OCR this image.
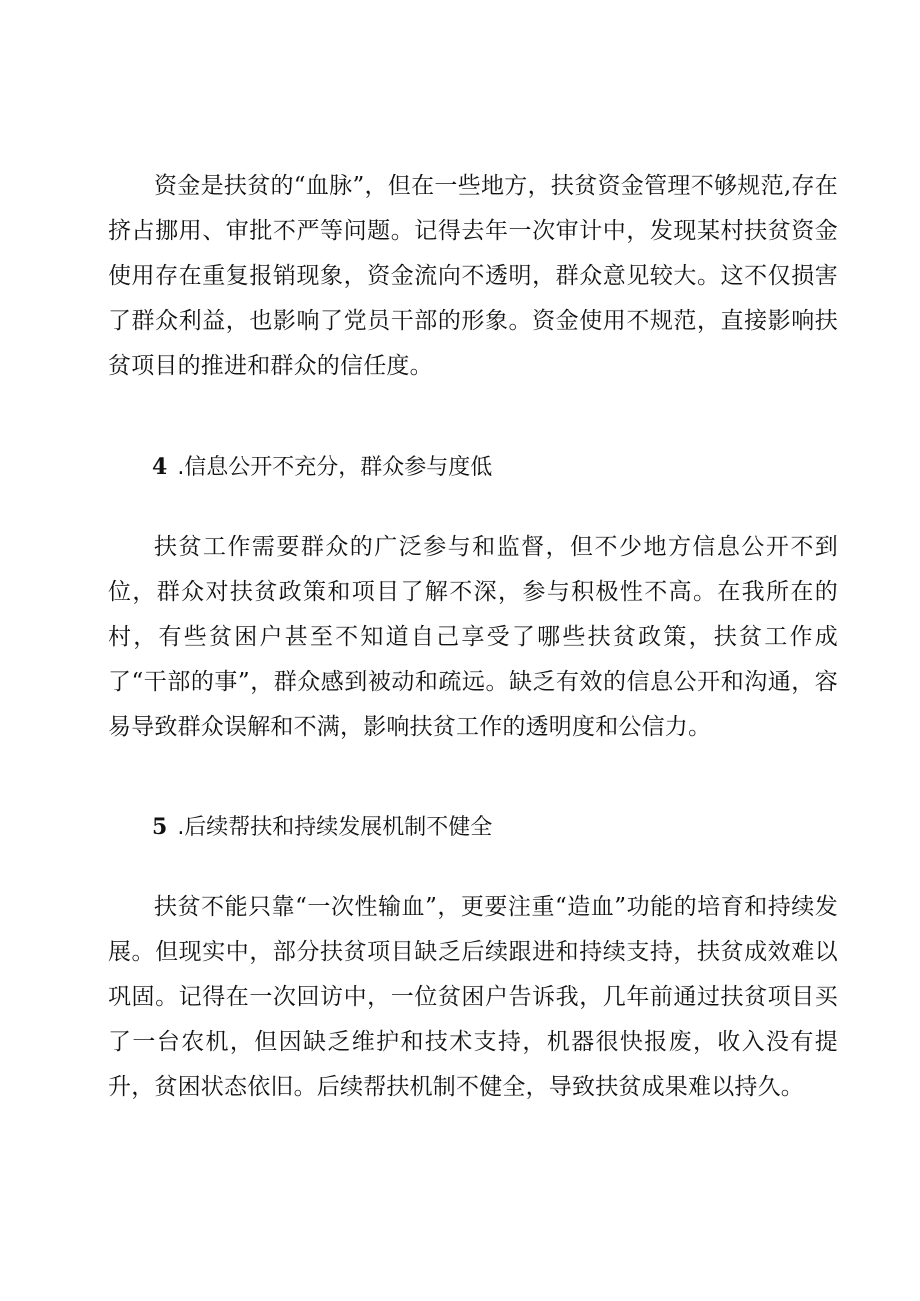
资金是扶贫的“血脉”，但在一些地方，扶贫资金管理不够规范,存在挤占挪用、审批不严等问题。记得去年一次审计中，发现某村扶贫资金使用存在重复报销现象，资金流向不透明，群众意见较大。这不仅损害了群众利益，也影响了党员干部的形象。资金使用不规范，直接影响扶贫项目的推进和群众的信任度。

4 .信息公开不充分，群众参与度低

扶贫工作需要群众的广泛参与和监督，但不少地方信息公开不到位，群众对扶贫政策和项目了解不深，参与积极性不高。在我所在的村，有些贫困户甚至不知道自己享受了哪些扶贫政策，扶贫工作成了“干部的事”，群众感到被动和疏远。缺乏有效的信息公开和沟通，容易导致群众误解和不满，影响扶贫工作的透明度和公信力。

5 .后续帮扶和持续发展机制不健全

扶贫不能只靠“一次性输血”，更要注重“造血”功能的培育和持续发展。但现实中，部分扶贫项目缺乏后续跟进和持续支持，扶贫成效难以巩固。记得在一次回访中，一位贫困户告诉我，几年前通过扶贫项目买了一台农机，但因缺乏维护和技术支持，机器很快报废，收入没有提升，贫困状态依旧。后续帮扶机制不健全，导致扶贫成果难以持久。
